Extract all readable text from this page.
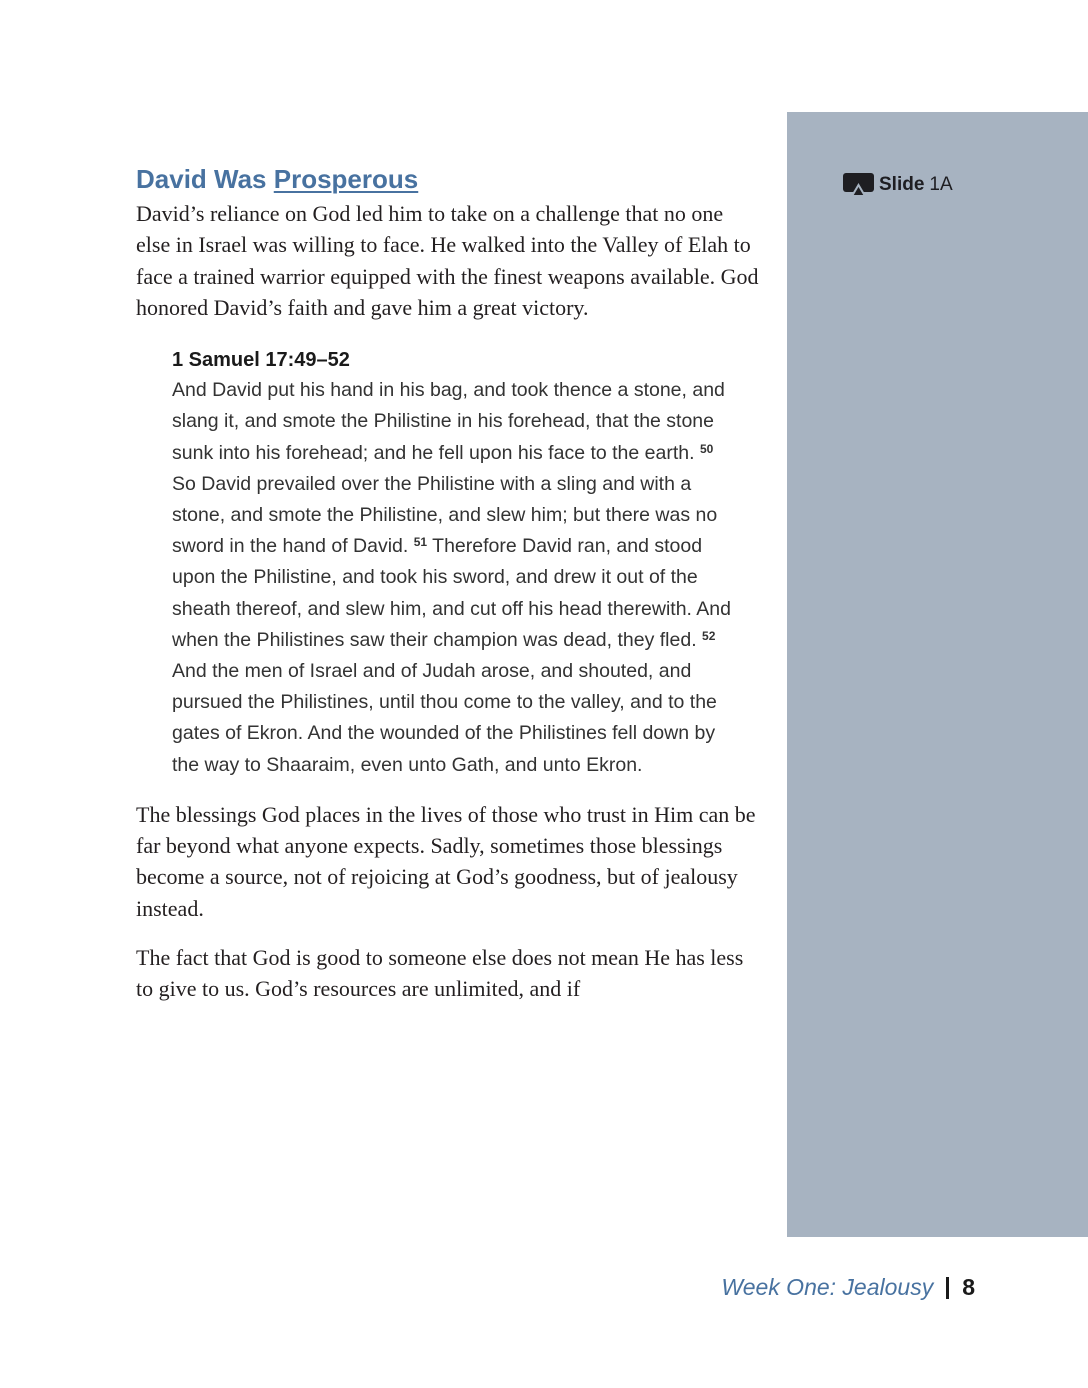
Slide 1A
David Was Prosperous

David’s reliance on God led him to take on a challenge that no one else in Israel was willing to face. He walked into the Valley of Elah to face a trained warrior equipped with the finest weapons available. God honored David’s faith and gave him a great victory.

1 Samuel 17:49–52
And David put his hand in his bag, and took thence a stone, and slang it, and smote the Philistine in his forehead, that the stone sunk into his forehead; and he fell upon his face to the earth. $^{50}$ So David prevailed over the Philistine with a sling and with a stone, and smote the Philistine, and slew him; but there was no sword in the hand of David. $^{51}$ Therefore David ran, and stood upon the Philistine, and took his sword, and drew it out of the sheath thereof, and slew him, and cut off his head therewith. And when the Philistines saw their champion was dead, they fled. $^{52}$ And the men of Israel and of Judah arose, and shouted, and pursued the Philistines, until thou come to the valley, and to the gates of Ekron. And the wounded of the Philistines fell down by the way to Shaaraim, even unto Gath, and unto Ekron.

The blessings God places in the lives of those who trust in Him can be far beyond what anyone expects. Sadly, sometimes those blessings become a source, not of rejoicing at God’s goodness, but of jealousy instead.

The fact that God is good to someone else does not mean He has less to give to us. God’s resources are unlimited, and if

Week One: Jealousy 8
